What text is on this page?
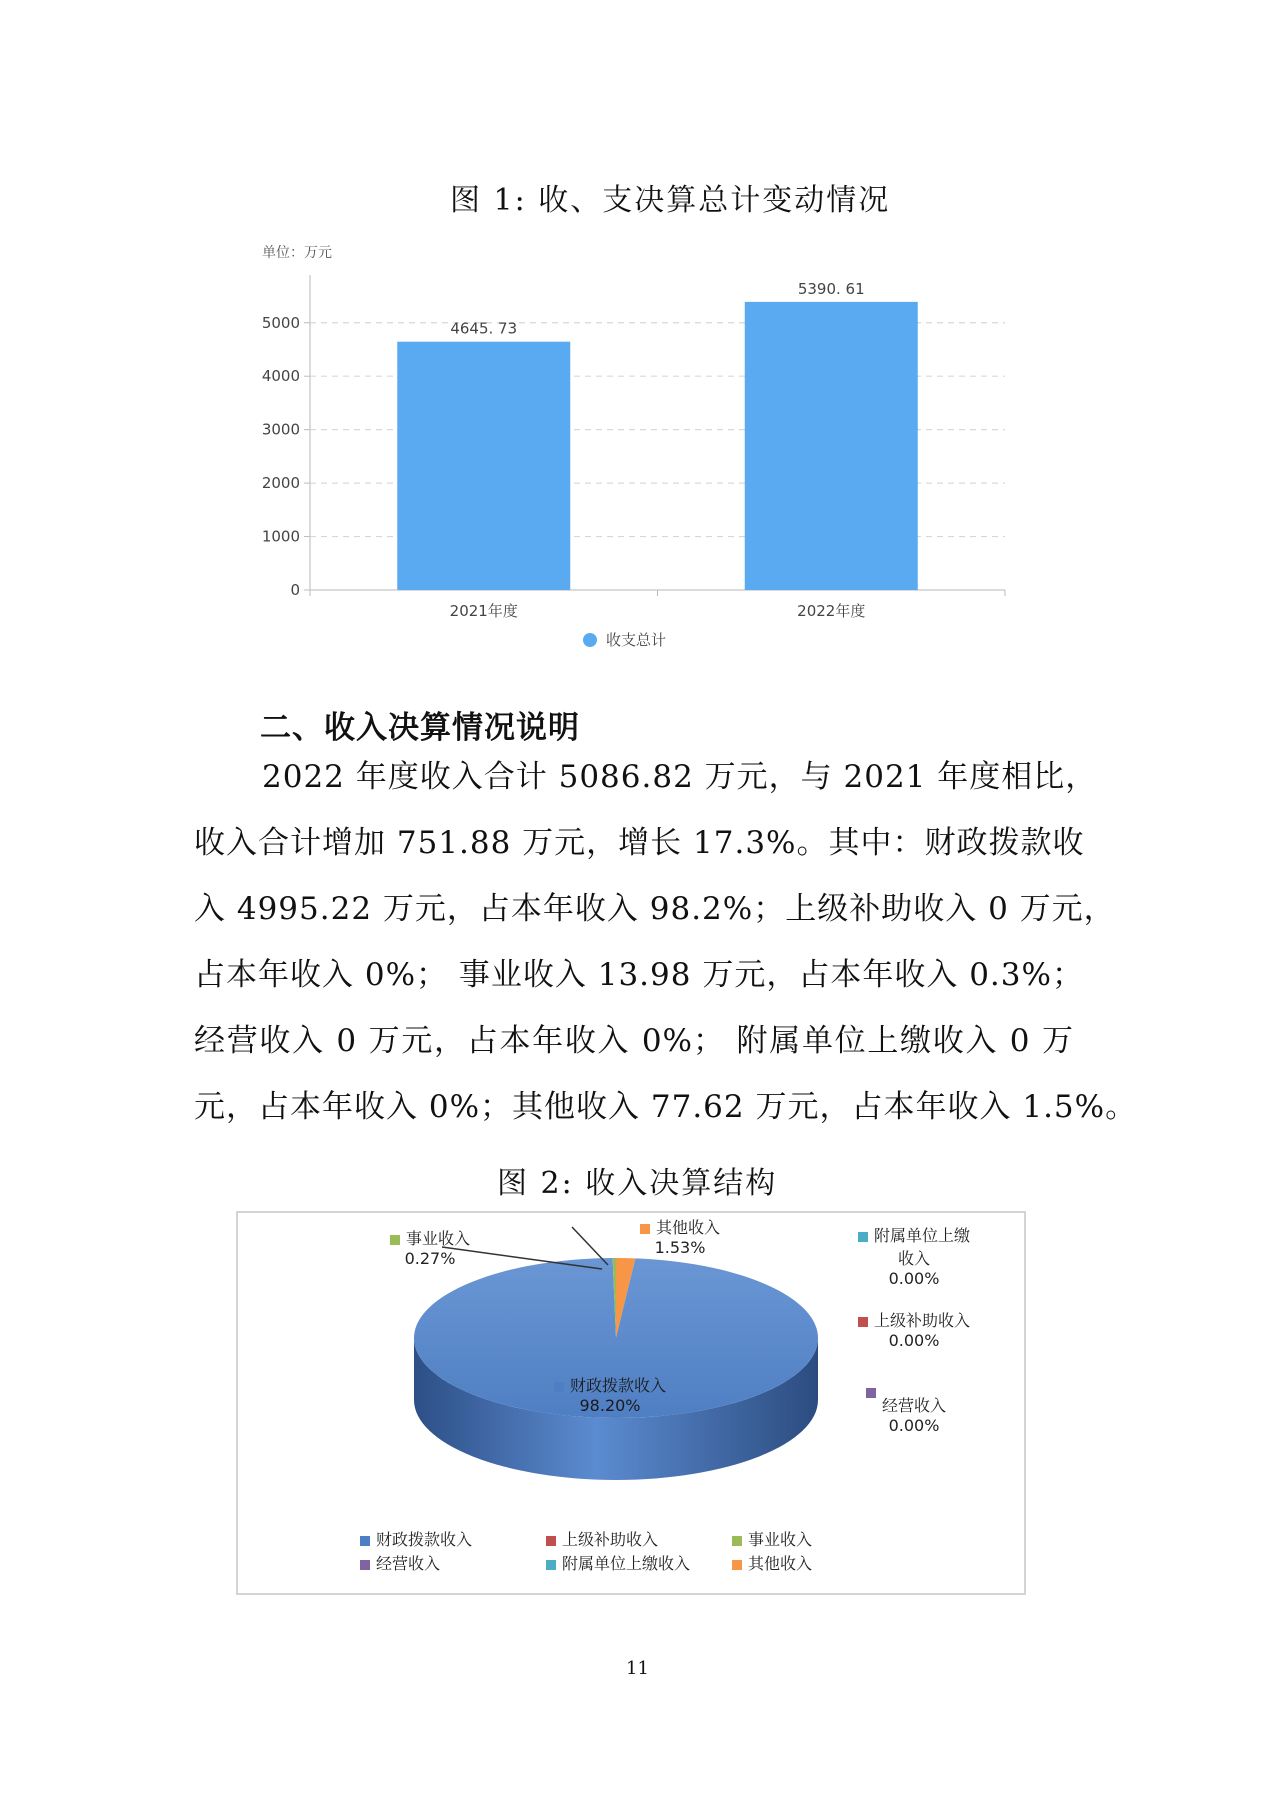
图 1: 收、支决算总计变动情况
单位：万元
0
1000
2000
3000
4000
5000	4645. 73
2021年度
5390. 61
2022年度
收支总计
二、收入决算情况说明
2022 年度收入合计 5086.82 万元，与 2021 年度相比，
收入合计增加 751.88 万元，增长 17.3%。其中：财政拨款收
入 4995.22 万元，占本年收入 98.2%；上级补助收入 0 万元，
占本年收入 0%； 事业收入 13.98 万元，占本年收入 0.3%；
经营收入 0 万元，占本年收入 0%； 附属单位上缴收入 0 万
元，占本年收入 0%；其他收入 77.62 万元，占本年收入 1.5%。
图 2: 收入决算结构
事业收入
0.27%
其他收入
1.53%
附属单位上缴
收入
0.00%
上级补助收入
0.00%
经营收入
0.00%
财政拨款收入
98.20%
财政拨款收入	上级补助收入	事业收入
经营收入	附属单位上缴收入	其他收入
11
